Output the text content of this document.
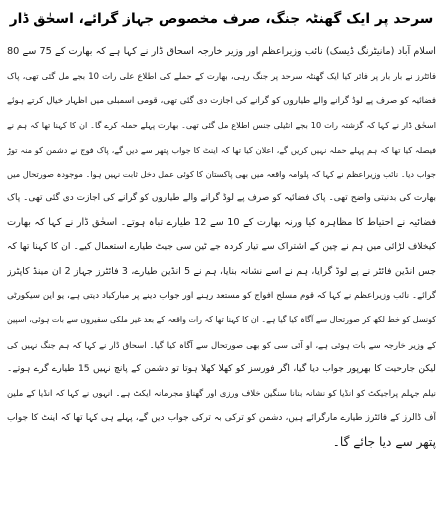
سرحد پر ایک گھنٹہ جنگ، صرف مخصوص جہاز گرائے، اسحٰق ڈار
اسلام آباد (مانیٹرنگ ڈیسک) نائب وزیراعظم اور وزیر خارجہ اسحاق ڈار نے کہا ہے کہ بھارت کے 75 سے 80
فائٹرز نے بار بار پر فائر کیا ایک گھنٹہ سرحد پر جنگ رہی، بھارت کے حملے کی اطلاع علی رات 10 بجے مل گئی تھی، پاک
فضائیہ کو صرف پے لوڈ گرانے والے طیاروں کو گرانے کی اجازت دی گئی تھی، قومی اسمبلی میں اظہار خیال کرتے ہوئے
اسحٰق ڈار نے کہا کہ گزشتہ رات 10 بجے انٹیلی جنس اطلاع مل گئی تھی۔ بھارت پہلے حملہ کرے گا۔ ان کا کہنا تھا کہ ہم نے
فیصلہ کیا تھا کہ ہم پہلے حملہ نہیں کریں گے، اعلان کیا تھا کہ اینٹ کا جواب پتھر سے دیں گے، پاک فوج نے دشمن کو منہ توڑ
جواب دیا۔ نائب وزیراعظم نے کہا کہ پلوامہ واقعہ میں بھی پاکستان کا کوئی عمل دخل ثابت نہیں ہوا۔ موجودہ صورتحال میں
بھارت کی بدنیتی واضح تھی۔ پاک فضائیہ کو صرف پے لوڈ گرانے والے طیاروں کو گرانے کی اجازت دی گئی تھی۔ پاک
فضائیہ نے احتیاط کا مظاہرہ کیا ورنہ بھارت کے 10 سے 12 طیارے تباہ ہوتے۔ اسحٰق ڈار نے کہا کہ بھارت
کیخلاف لڑائی میں ہم نے چین کے اشتراک سے تیار کردہ جے ٹین سی جیٹ طیارے استعمال کیے۔ ان کا کہنا تھا کہ
جس انڈین فائٹر نے پے لوڈ گرایا، ہم نے اسے نشانہ بنایا، ہم نے 5 انڈین طیارے، 3 فائٹرز جہاز 2 ان مینڈ کاپٹرز
گرائے۔ نائب وزیراعظم نے کہا کہ قوم مسلح افواج کو مستعد رہنے اور جواب دینے پر مبارکباد دیتی ہے، یو این سیکورٹی
کونسل کو خط لکھ کر صورتحال سے آگاہ کیا گیا ہے۔ ان کا کہنا تھا کہ رات واقعہ کے بعد غیر ملکی سفیروں سے بات ہوئی، اسپین
کے وزیر خارجہ سے بات ہوئی ہے، او آئی سی کو بھی صورتحال سے آگاہ کیا گیا۔ اسحاق ڈار نے کہا کہ ہم جنگ نہیں کی
لیکن جارحیت کا بھرپور جواب دیا گیا، اگر فورسز کو کھلا کھلا ہوتا تو دشمن کے پانچ نہیں 15 طیارے گرے ہوتے۔
نیلم جہلم پراجیکٹ کو انڈیا کو نشانہ بنانا سنگین خلاف ورزی اور گھناؤ مجرمانہ ایکٹ ہے۔ انہوں نے کہا کہ انڈیا کے ملین
آف ڈالرز کے فائٹرز طیارے مارگرائے ہیں، دشمن کو ترکی بہ ترکی جواب دیں گے، پہلے ہی کہا تھا کہ اینٹ کا جواب
پتھر سے دیا جائے گا۔
